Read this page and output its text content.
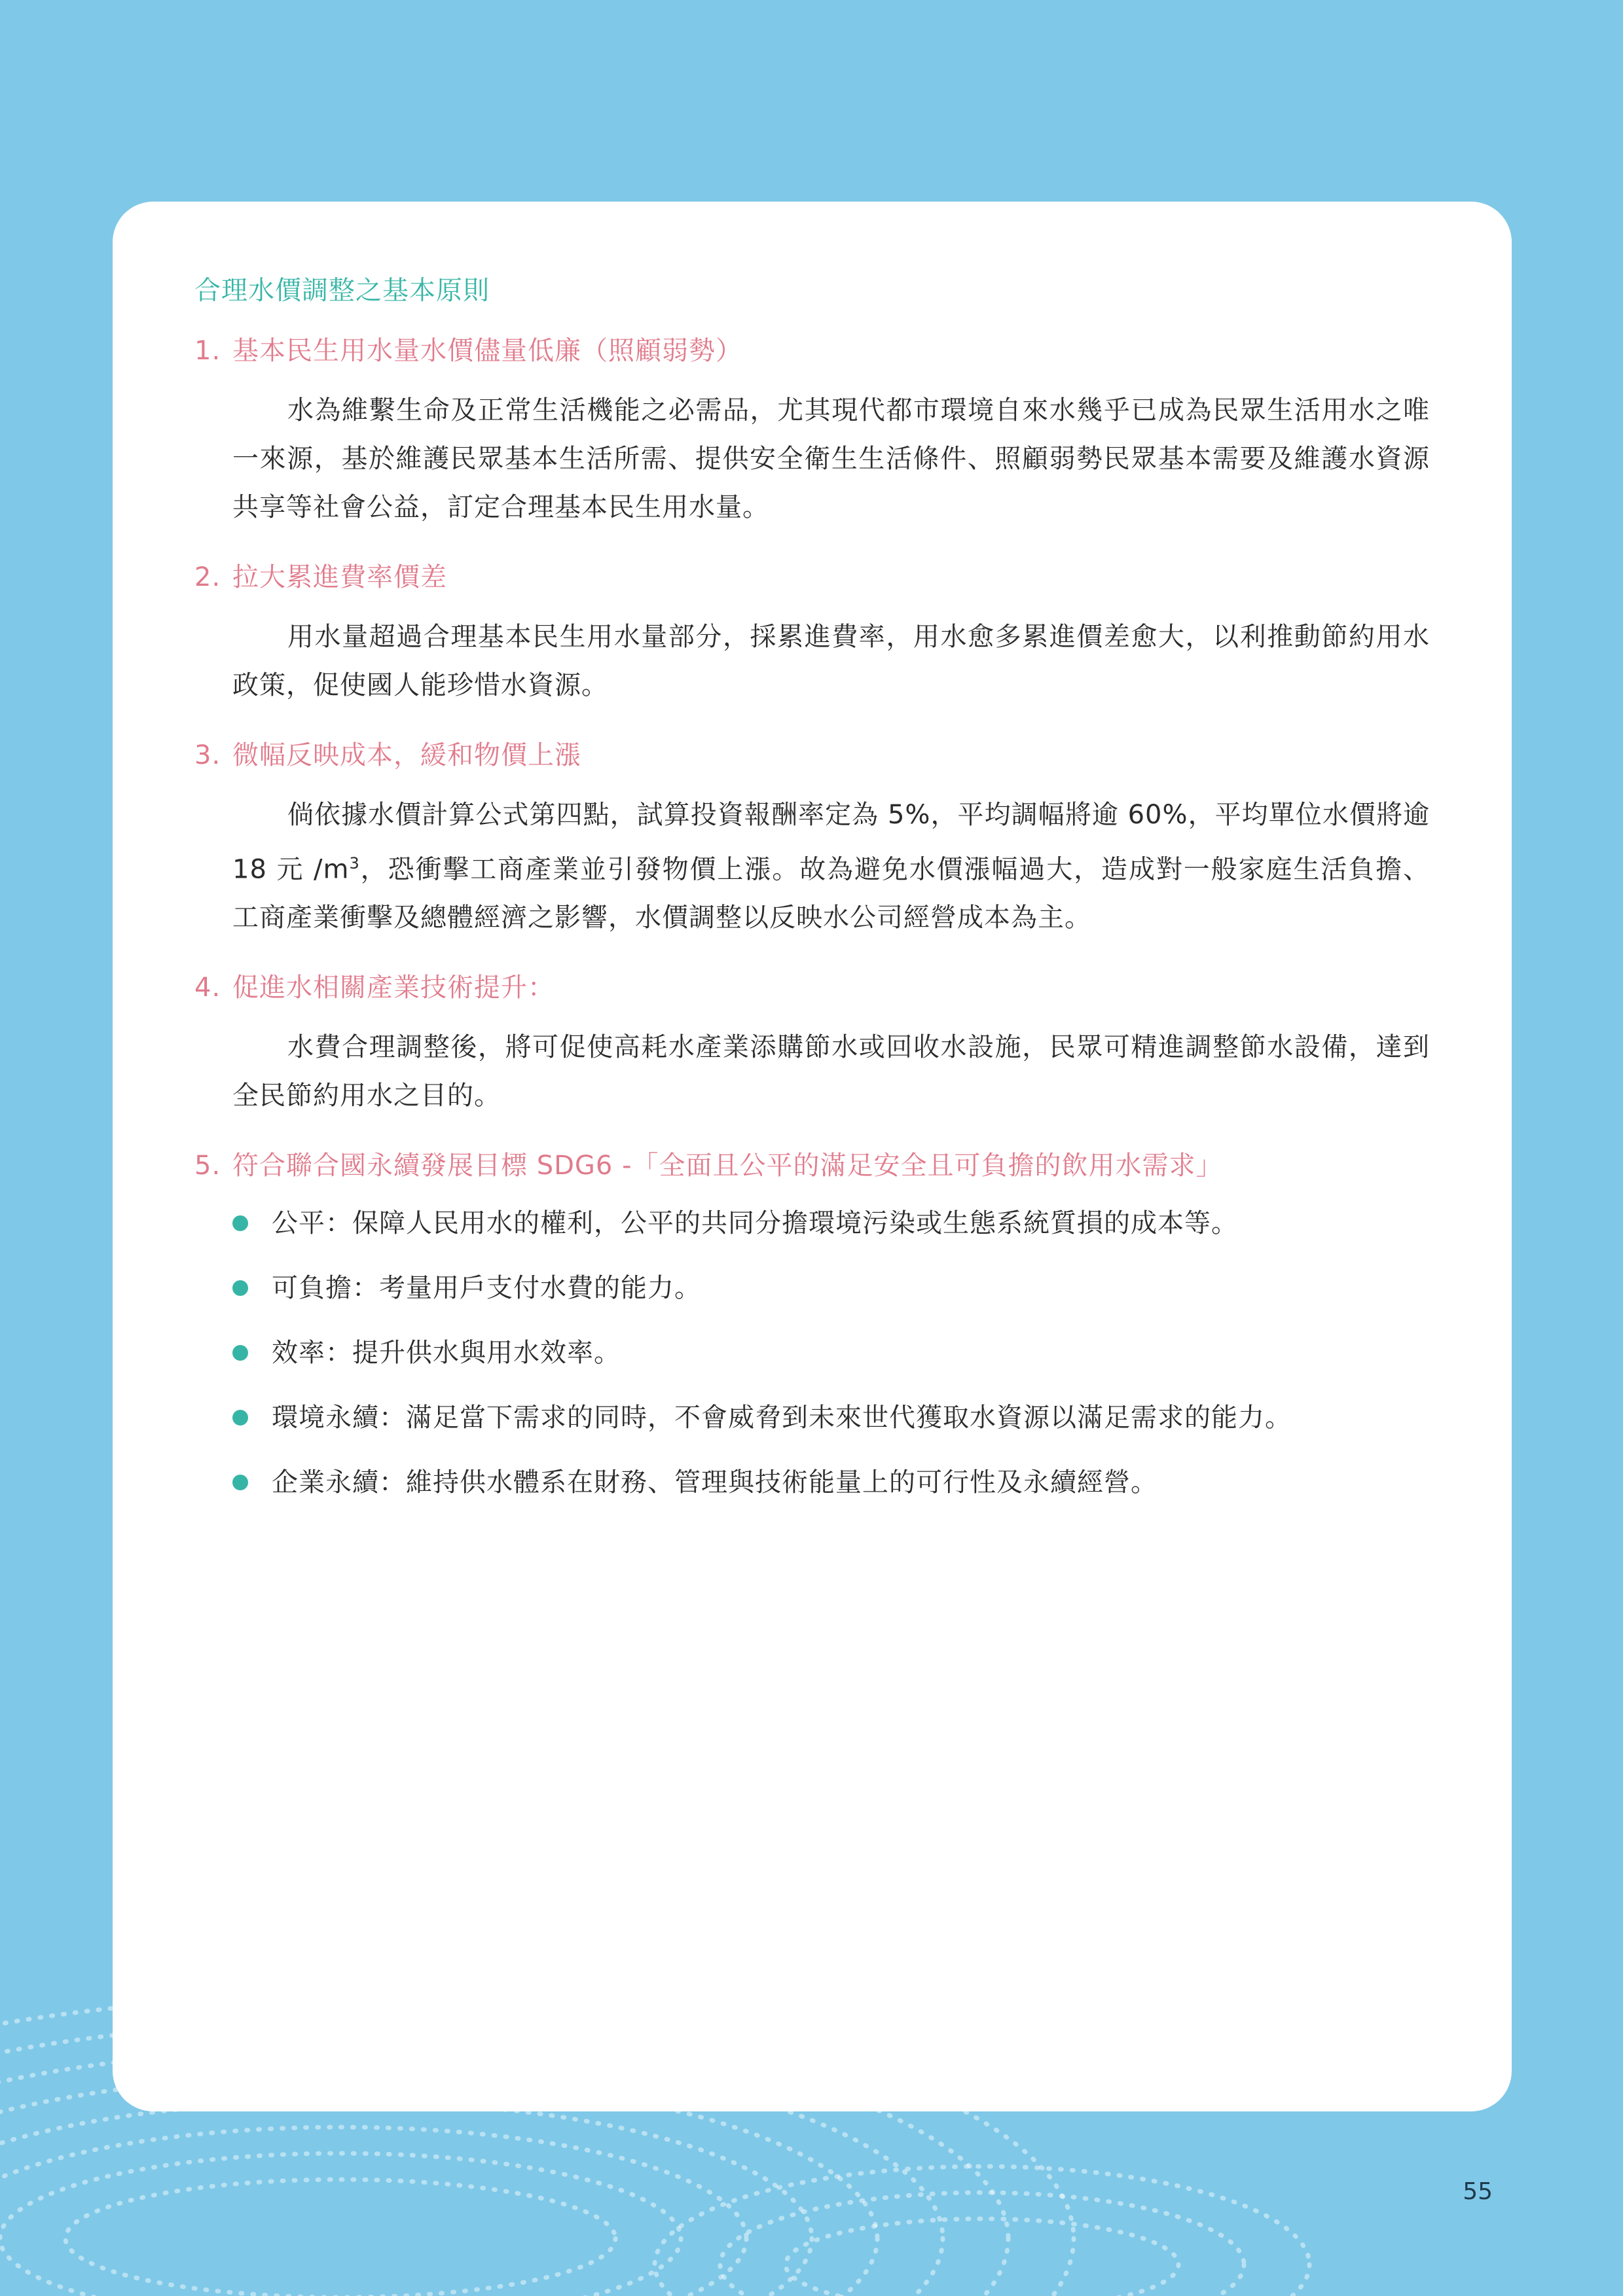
合理水價調整之基本原則
1. 基本民生用水量水價儘量低廉（照顧弱勢）

水為維繫生命及正常生活機能之必需品，尤其現代都市環境自來水幾乎已成為民眾生活用水之唯一來源，基於維護民眾基本生活所需、提供安全衛生生活條件、照顧弱勢民眾基本需要及維護水資源共享等社會公益，訂定合理基本民生用水量。

2. 拉大累進費率價差

用水量超過合理基本民生用水量部分，採累進費率，用水愈多累進價差愈大，以利推動節約用水政策，促使國人能珍惜水資源。

3. 微幅反映成本，緩和物價上漲

倘依據水價計算公式第四點，試算投資報酬率定為 5%，平均調幅將逾 60%，平均單位水價將逾 18 元 $/m^3$，恐衝擊工商產業並引發物價上漲。故為避免水價漲幅過大，造成對一般家庭生活負擔、工商產業衝擊及總體經濟之影響，水價調整以反映水公司經營成本為主。

4. 促進水相關產業技術提升：

水費合理調整後，將可促使高耗水產業添購節水或回收水設施，民眾可精進調整節水設備，達到全民節約用水之目的。

5. 符合聯合國永續發展目標 SDG6 -「全面且公平的滿足安全且可負擔的飲用水需求」
公平：保障人民用水的權利，公平的共同分擔環境污染或生態系統質損的成本等。
可負擔：考量用戶支付水費的能力。
效率：提升供水與用水效率。
環境永續：滿足當下需求的同時，不會威脅到未來世代獲取水資源以滿足需求的能力。
企業永續：維持供水體系在財務、管理與技術能量上的可行性及永續經營。
55
